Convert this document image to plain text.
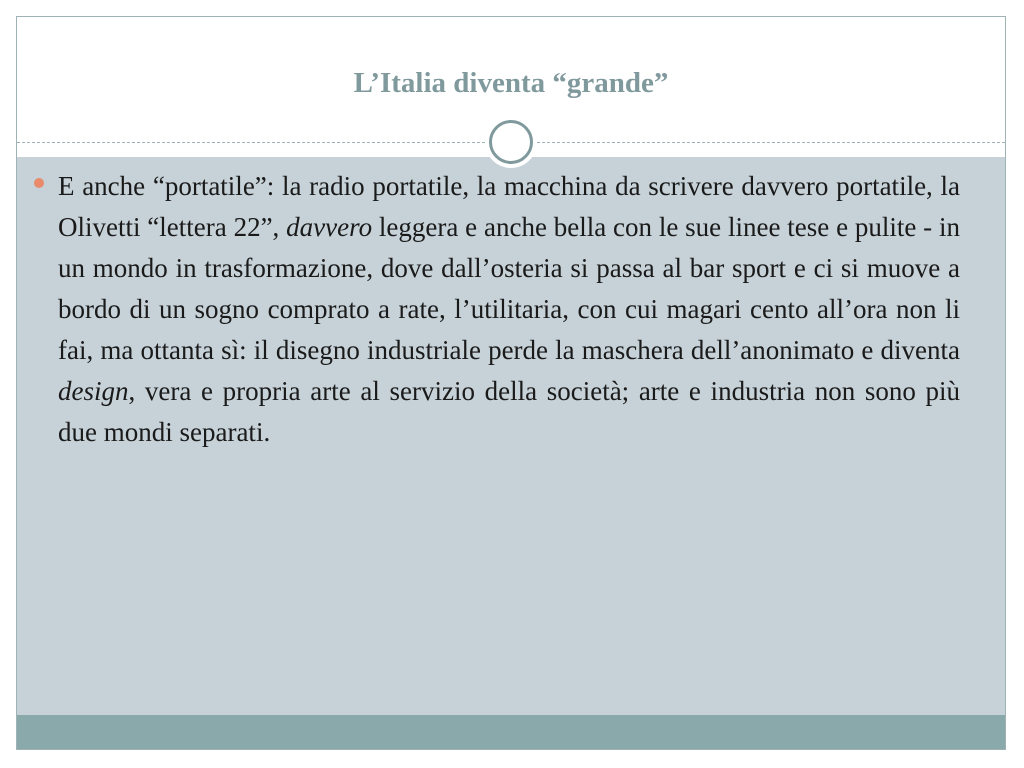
L’Italia diventa “grande”

E anche “portatile”: la radio portatile, la macchina da scrivere davvero portatile, la Olivetti “lettera 22”, davvero leggera e anche bella con le sue linee tese e pulite - in un mondo in trasformazione, dove dall’osteria si passa al bar sport e ci si muove a bordo di un sogno comprato a rate, l’utilitaria, con cui magari cento all’ora non li fai, ma ottanta sì: il disegno industriale perde la maschera dell’anonimato e diventa design, vera e propria arte al servizio della società; arte e industria non sono più due mondi separati.
